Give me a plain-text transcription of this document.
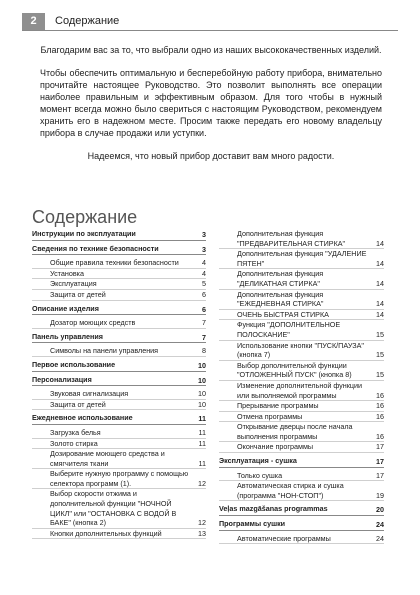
2	Содержание

Благодарим вас за то, что выбрали одно из наших высококачественных изделий.

Чтобы обеспечить оптимальную и бесперебойную работу прибора, внимательно прочитайте настоящее Руководство. Это позволит выполнять все операции наиболее правильным и эффективным образом. Для того чтобы в нужный момент всегда можно было свериться с настоящим Руководством, рекомендуем хранить его в надежном месте. Просим также передать его новому владельцу прибора в случае продажи или уступки.

Надеемся, что новый прибор доставит вам много радости.

Содержание
Инструкции по эксплуатации	3
Сведения по технике безопасности	3
Общие правила техники безопасности	4
Установка	4
Эксплуатация	5
Защита от детей	6
Описание изделия	6
Дозатор моющих средств	7
Панель управления	7
Символы на панели управления	8
Первое использование	10
Персонализация	10
Звуковая сигнализация	10
Защита от детей	10
Ежедневное использование	11
Загрузка белья	11
Золото стирка	11
Дозирование моющего средства и смягчителя ткани	11
Выберите нужную программу с помощью селектора программ (1).	12
Выбор скорости отжима и дополнительной функции "НОЧНОЙ ЦИКЛ" или "ОСТАНОВКА С ВОДОЙ В БАКЕ" (кнопка 2)	12
Кнопки дополнительных функций	13
Дополнительная функция "ПРЕДВАРИТЕЛЬНАЯ СТИРКА"	14
Дополнительная функция "УДАЛЕНИЕ ПЯТЕН"	14
Дополнительная функция "ДЕЛИКАТНАЯ СТИРКА"	14
Дополнительная функция "ЕЖЕДНЕВНАЯ СТИРКА"	14
ОЧЕНЬ БЫСТРАЯ СТИРКА	14
Функция "ДОПОЛНИТЕЛЬНОЕ ПОЛОСКАНИЕ"	15
Использование кнопки "ПУСК/ПАУЗА" (кнопка 7)	15
Выбор дополнительной функции "ОТЛОЖЕННЫЙ ПУСК" (кнопка 8)	15
Изменение дополнительной функции или выполняемой программы	16
Прерывание программы	16
Отмена программы	16
Открывание дверцы после начала выполнения программы	16
Окончание программы	17
Эксплуатация - сушка	17
Только сушка	17
Автоматическая стирка и сушка (программа "НОН-СТОП")	19
Veļas mazgāšanas programmas	20
Программы сушки	24
Автоматические программы	24
